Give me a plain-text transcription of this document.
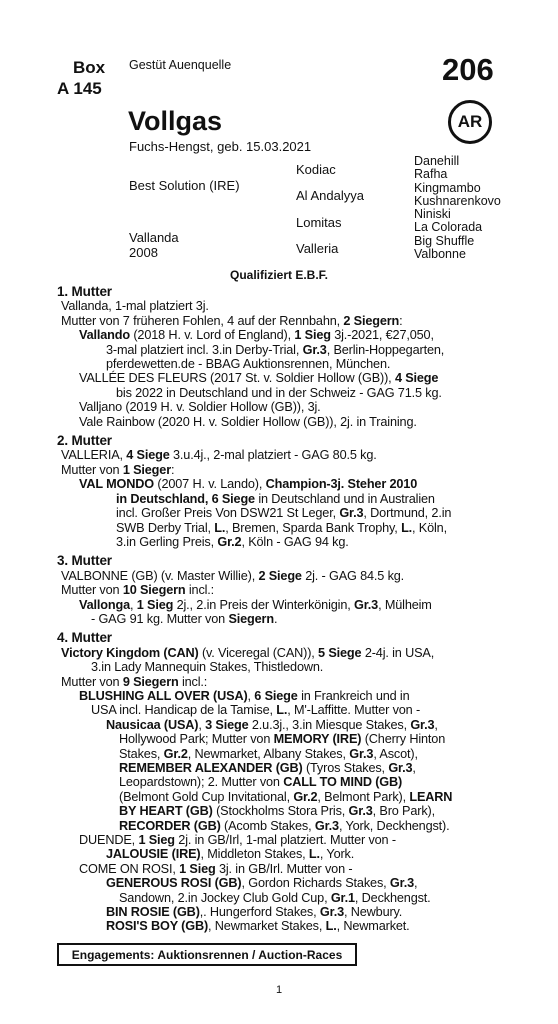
Box
A 145
Gestüt Auenquelle	206
AR
Vollgas
Fuchs-Hengst, geb. 15.03.2021
Best Solution (IRE)
Vallanda
2008
Kodiac
Al Andalyya
Lomitas
Valleria
Danehill
Rafha
Kingmambo
Kushnarenkovo
Niniski
La Colorada
Big Shuffle
Valbonne
Qualifiziert E.B.F.

1. Mutter

Vallanda, 1-mal platziert 3j.

Mutter von 7 früheren Fohlen, 4 auf der Rennbahn, 2 Siegern:

Vallando (2018 H. v. Lord of England), 1 Sieg 3j.-2021, €27,050,

3-mal platziert incl. 3.in Derby-Trial, Gr.3, Berlin-Hoppegarten,

pferdewetten.de - BBAG Auktionsrennen, München.

VALLÉE DES FLEURS (2017 St. v. Soldier Hollow (GB)), 4 Siege

bis 2022 in Deutschland und in der Schweiz - GAG 71.5 kg.

Valljano (2019 H. v. Soldier Hollow (GB)), 3j.

Vale Rainbow (2020 H. v. Soldier Hollow (GB)), 2j. in Training.

2. Mutter

VALLERIA, 4 Siege 3.u.4j., 2-mal platziert - GAG 80.5 kg.

Mutter von 1 Sieger:

VAL MONDO (2007 H. v. Lando), Champion-3j. Steher 2010

in Deutschland, 6 Siege in Deutschland und in Australien

incl. Großer Preis Von DSW21 St Leger, Gr.3, Dortmund, 2.in

SWB Derby Trial, L., Bremen, Sparda Bank Trophy, L., Köln,

3.in Gerling Preis, Gr.2, Köln - GAG 94 kg.

3. Mutter

VALBONNE (GB) (v. Master Willie), 2 Siege 2j. - GAG 84.5 kg.

Mutter von 10 Siegern incl.:

Vallonga, 1 Sieg 2j., 2.in Preis der Winterkönigin, Gr.3, Mülheim

- GAG 91 kg. Mutter von Siegern.

4. Mutter

Victory Kingdom (CAN) (v. Viceregal (CAN)), 5 Siege 2-4j. in USA,

3.in Lady Mannequin Stakes, Thistledown.

Mutter von 9 Siegern incl.:

BLUSHING ALL OVER (USA), 6 Siege in Frankreich und in

USA incl. Handicap de la Tamise, L., M'-Laffitte. Mutter von -

Nausicaa (USA), 3 Siege 2.u.3j., 3.in Miesque Stakes, Gr.3,

Hollywood Park; Mutter von MEMORY (IRE) (Cherry Hinton

Stakes, Gr.2, Newmarket, Albany Stakes, Gr.3, Ascot),

REMEMBER ALEXANDER (GB) (Tyros Stakes, Gr.3,

Leopardstown); 2. Mutter von CALL TO MIND (GB)

(Belmont Gold Cup Invitational, Gr.2, Belmont Park), LEARN

BY HEART (GB) (Stockholms Stora Pris, Gr.3, Bro Park),

RECORDER (GB) (Acomb Stakes, Gr.3, York, Deckhengst).

DUENDE, 1 Sieg 2j. in GB/Irl, 1-mal platziert. Mutter von -

JALOUSIE (IRE), Middleton Stakes, L., York.

COME ON ROSI, 1 Sieg 3j. in GB/Irl. Mutter von -

GENEROUS ROSI (GB), Gordon Richards Stakes, Gr.3,

Sandown, 2.in Jockey Club Gold Cup, Gr.1, Deckhengst.

BIN ROSIE (GB),. Hungerford Stakes, Gr.3, Newbury.

ROSI'S BOY (GB), Newmarket Stakes, L., Newmarket.

Engagements: Auktionsrennen / Auction-Races
1
